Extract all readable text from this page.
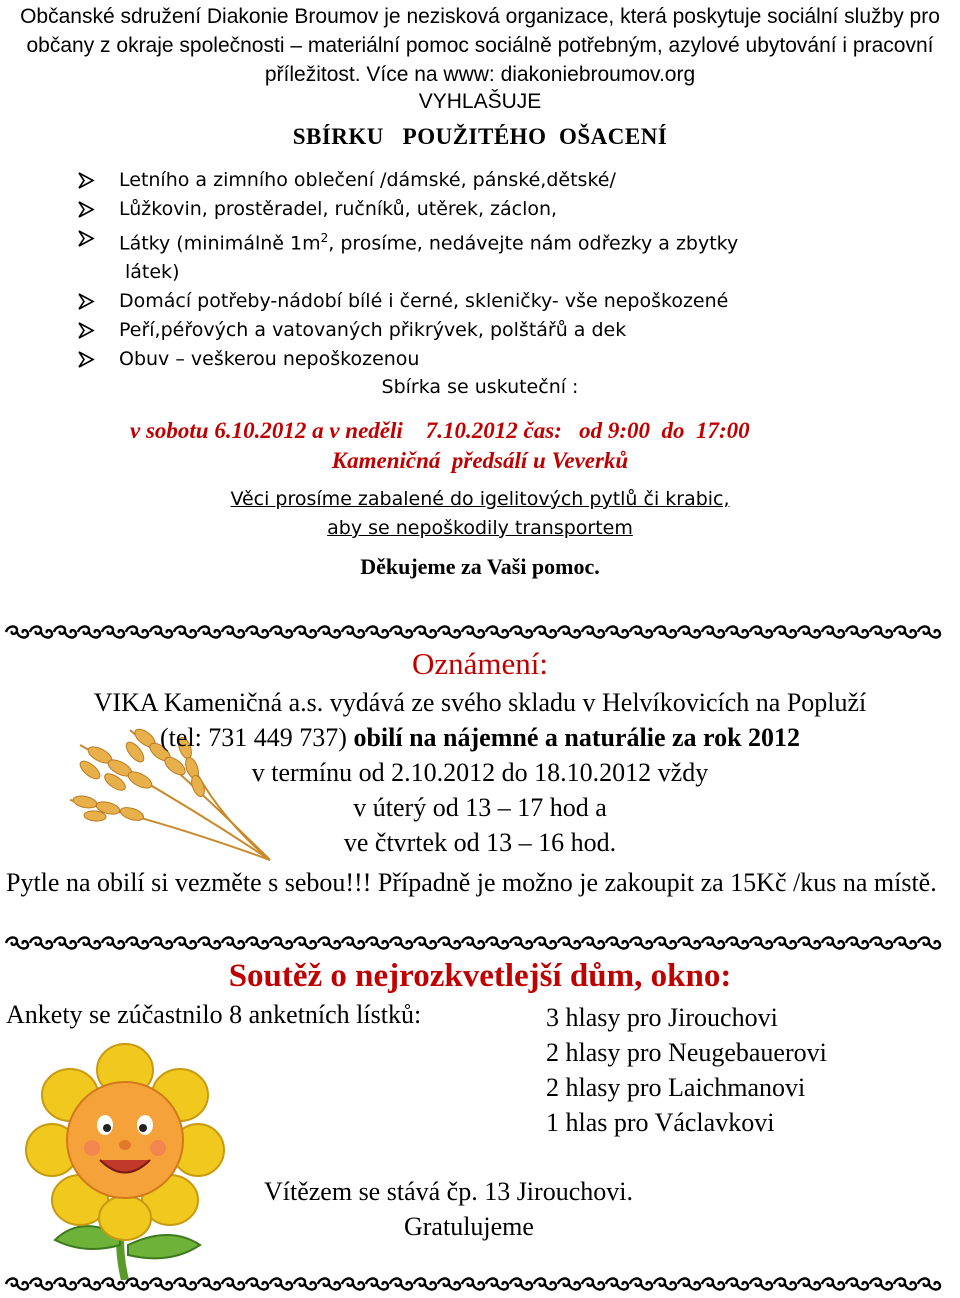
Občanské sdružení Diakonie Broumov je nezisková organizace, která poskytuje sociální služby pro občany z okraje společnosti – materiální pomoc sociálně potřebným, azylové ubytování i pracovní příležitost. Více na www: diakoniebroumov.org
VYHLAŠUJE
SBÍRKU   POUŽITÉHO  OŠACENÍ
Letního a zimního oblečení /dámské, pánské,dětské/
Lůžkovin, prostěradel, ručníků, utěrek, záclon,
Látky (minimálně $1m^2$, prosíme, nedávejte nám odřezky a zbytky
látek)
Domácí potřeby-nádobí bílé i černé, skleničky- vše nepoškozené
Peří,péřových a vatovaných přikrývek, polštářů a dek
Obuv – veškerou nepoškozenou
Sbírka se uskuteční :
v sobotu 6.10.2012 a v neděli    7.10.2012 čas:   od 9:00  do  17:00
Kameničná  předsálí u Veverků
Věci prosíme zabalené do igelitových pytlů či krabic,
aby se nepoškodily transportem
Děkujeme za Vaši pomoc.
Oznámení:
VIKA Kameničná a.s. vydává ze svého skladu v Helvíkovicích na Popluží
(tel: 731 449 737) obilí na nájemné a naturálie za rok 2012
v termínu od 2.10.2012 do 18.10.2012 vždy
v úterý od 13 – 17 hod a
ve čtvrtek od 13 – 16 hod.
Pytle na obilí si vezměte s sebou!!! Případně je možno je zakoupit za 15Kč /kus na místě.
Soutěž o nejrozkvetlejší dům, okno:
Ankety se zúčastnilo 8 anketních lístků:	3 hlasy pro Jirouchovi
2 hlasy pro Neugebauerovi
2 hlasy pro Laichmanovi
1 hlas pro Václavkovi
Vítězem se stává čp. 13 Jirouchovi.
Gratulujeme
